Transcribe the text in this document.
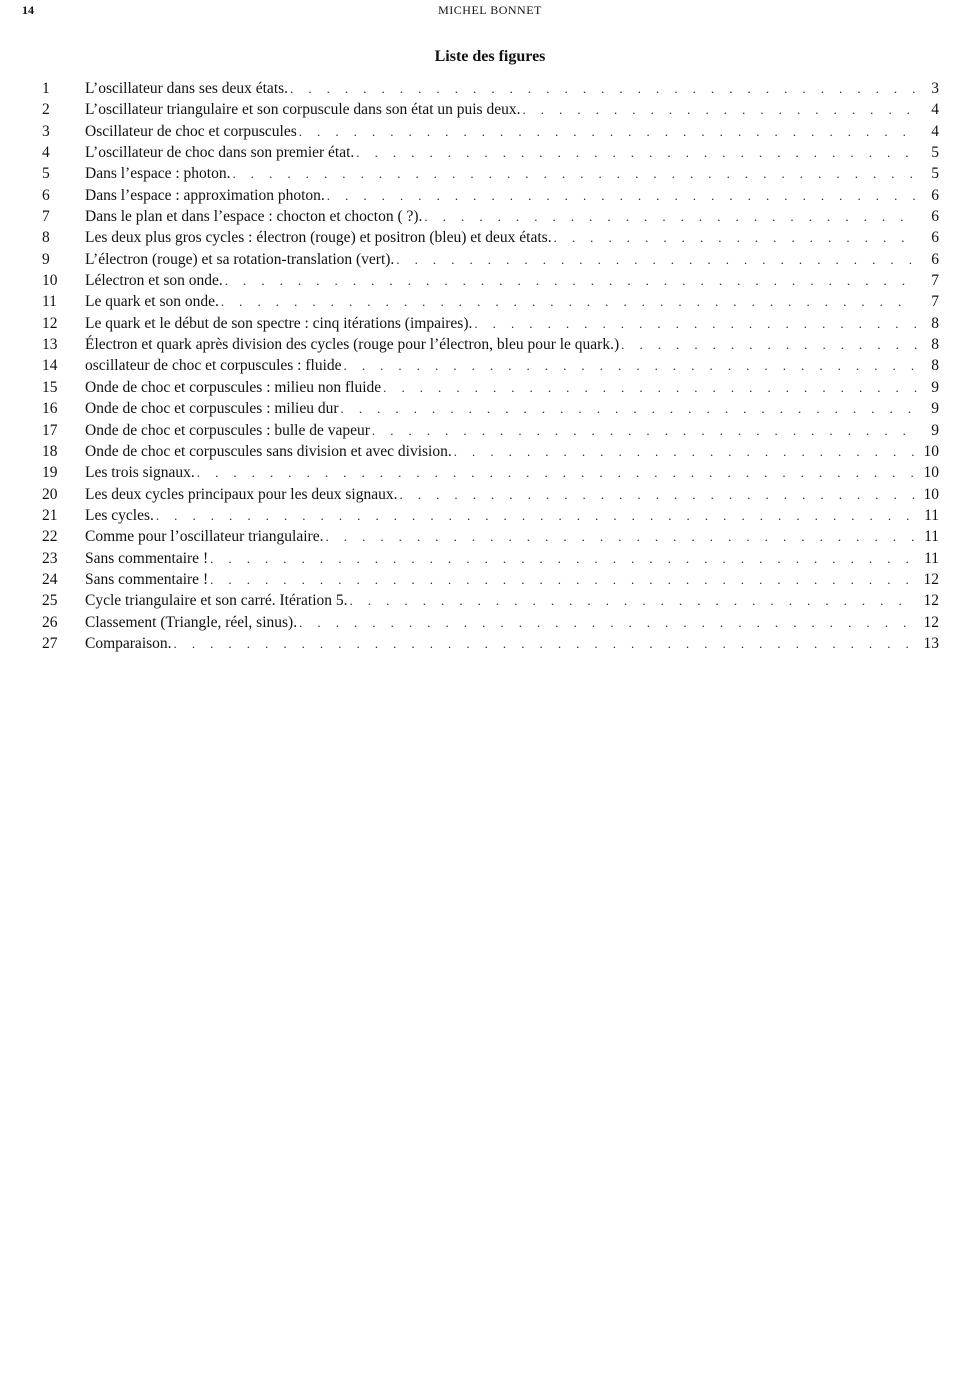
14	MICHEL BONNET
Liste des figures
1	L’oscillateur dans ses deux états. . . .	3
2	L’oscillateur triangulaire et son corpuscule dans son état un puis deux. . . .	4
3	Oscillateur de choc et corpuscules . . .	4
4	L’oscillateur de choc dans son premier état. . . .	5
5	Dans l’espace : photon. . . .	5
6	Dans l’espace : approximation photon. . . .	6
7	Dans le plan et dans l’espace : chocton et chocton ( ?). . . .	6
8	Les deux plus gros cycles : électron (rouge) et positron (bleu) et deux états. . . .	6
9	L’électron (rouge) et sa rotation-translation (vert). . . .	6
10	Lélectron et son onde. . . .	7
11	Le quark et son onde. . . .	7
12	Le quark et le début de son spectre : cinq itérations (impaires). . . .	8
13	Électron et quark après division des cycles (rouge pour l’électron, bleu pour le quark.) . . .	8
14	oscillateur de choc et corpuscules : fluide . . .	8
15	Onde de choc et corpuscules : milieu non fluide . . .	9
16	Onde de choc et corpuscules : milieu dur . . .	9
17	Onde de choc et corpuscules : bulle de vapeur . . .	9
18	Onde de choc et corpuscules sans division et avec division. . . .	10
19	Les trois signaux. . . .	10
20	Les deux cycles principaux pour les deux signaux. . . .	10
21	Les cycles. . . .	11
22	Comme pour l’oscillateur triangulaire. . . .	11
23	Sans commentaire ! . . .	11
24	Sans commentaire ! . . .	12
25	Cycle triangulaire et son carré. Itération 5. . . .	12
26	Classement (Triangle, réel, sinus). . . .	12
27	Comparaison. . . .	13
